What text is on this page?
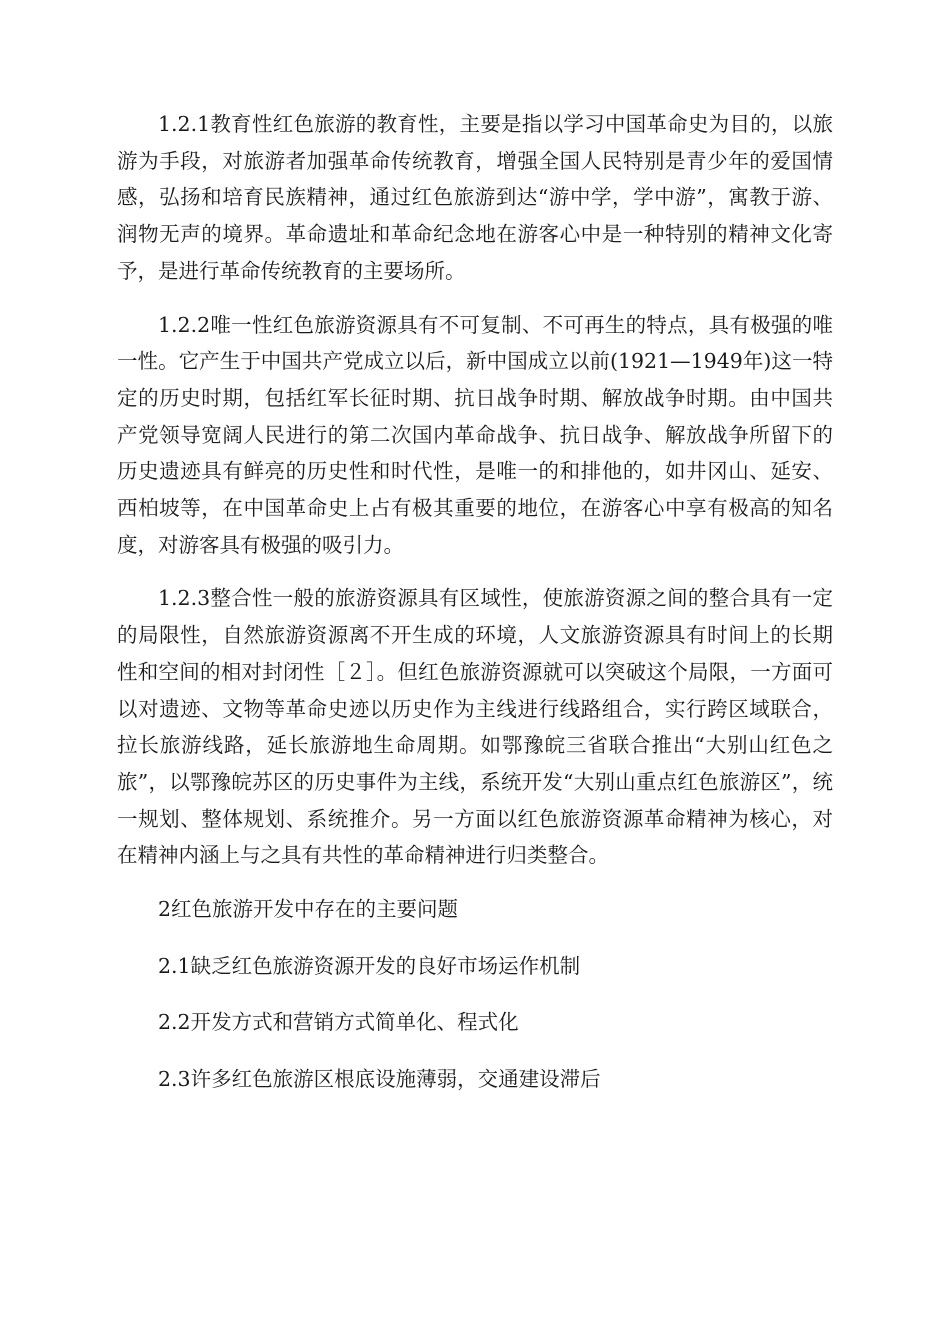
1.2.1教育性红色旅游的教育性，主要是指以学习中国革命史为目的，以旅游为手段，对旅游者加强革命传统教育，增强全国人民特别是青少年的爱国情感，弘扬和培育民族精神，通过红色旅游到达“游中学，学中游”，寓教于游、润物无声的境界。革命遗址和革命纪念地在游客心中是一种特别的精神文化寄予，是进行革命传统教育的主要场所。

1.2.2唯一性红色旅游资源具有不可复制、不可再生的特点，具有极强的唯一性。它产生于中国共产党成立以后，新中国成立以前(1921—1949年)这一特定的历史时期，包括红军长征时期、抗日战争时期、解放战争时期。由中国共产党领导宽阔人民进行的第二次国内革命战争、抗日战争、解放战争所留下的历史遗迹具有鲜亮的历史性和时代性，是唯一的和排他的，如井冈山、延安、西柏坡等，在中国革命史上占有极其重要的地位，在游客心中享有极高的知名度，对游客具有极强的吸引力。

1.2.3整合性一般的旅游资源具有区域性，使旅游资源之间的整合具有一定的局限性，自然旅游资源离不开生成的环境，人文旅游资源具有时间上的长期性和空间的相对封闭性［２］。但红色旅游资源就可以突破这个局限，一方面可以对遗迹、文物等革命史迹以历史作为主线进行线路组合，实行跨区域联合，拉长旅游线路，延长旅游地生命周期。如鄂豫皖三省联合推出“大别山红色之旅”，以鄂豫皖苏区的历史事件为主线，系统开发“大别山重点红色旅游区”，统一规划、整体规划、系统推介。另一方面以红色旅游资源革命精神为核心，对在精神内涵上与之具有共性的革命精神进行归类整合。

2红色旅游开发中存在的主要问题

2.1缺乏红色旅游资源开发的良好市场运作机制

2.2开发方式和营销方式简单化、程式化

2.3许多红色旅游区根底设施薄弱，交通建设滞后
